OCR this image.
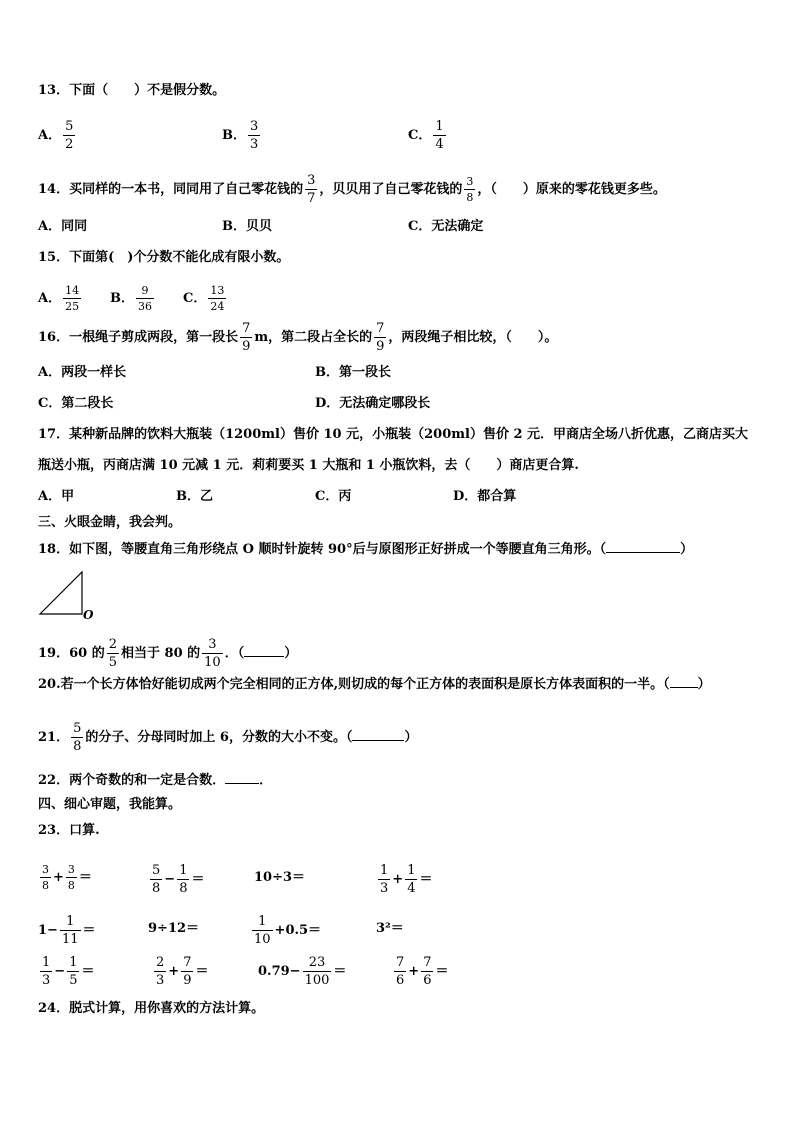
13．下面（　　）不是假分数。
A． $\frac{5}{2}$	B． $\frac{3}{3}$	C． $\frac{1}{4}$
14．买同样的一本书，同同用了自己零花钱的 $\frac{3}{7}$ ，贝贝用了自己零花钱的 $\frac{3}{8}$ ，（　　）原来的零花钱更多些。
A．同同	B．贝贝	C．无法确定
15．下面第(　)个分数不能化成有限小数。
A． $\frac{14}{25}$ B． $\frac{9}{36}$ C． $\frac{13}{24}$
16．一根绳子剪成两段，第一段长 $\frac{7}{9}$ m，第二段占全长的 $\frac{7}{9}$ ，两段绳子相比较，（　　）。
A．两段一样长	B．第一段长
C．第二段长	D．无法确定哪段长
17．某种新品牌的饮料大瓶装（1200ml）售价 10 元，小瓶装（200ml）售价 2 元．甲商店全场八折优惠，乙商店买大
瓶送小瓶，丙商店满 10 元减 1 元．莉莉要买 1 大瓶和 1 小瓶饮料，去（　　）商店更合算.
A．甲	B．乙	C．丙	D．都合算
三、火眼金睛，我会判。
18．如下图，等腰直角三角形绕点 O 顺时针旋转 90°后与原图形正好拼成一个等腰直角三角形。（	）
O
19．60 的 $\frac{2}{5}$ 相当于 80 的 $\frac{3}{10}$ ．（	）
20.若一个长方体恰好能切成两个完全相同的正方体,则切成的每个正方体的表面积是原长方体表面积的一半。（ ）
21． $\frac{5}{8}$ 的分子、分母同时加上 6，分数的大小不变。（	）
22．两个奇数的和一定是合数．	．
四、细心审题，我能算。
23．口算.
$\frac{3}{8} + \frac{3}{8}$ ＝	$\frac{5}{8} - \frac{1}{8}$ ＝	10÷3＝	$\frac{1}{3} + \frac{1}{4}$ ＝
$1- \frac{1}{11}$ ＝	9÷12＝	$\frac{1}{10} +0.5=$	3²＝
$\frac{1}{3} - \frac{1}{5}$ ＝	$\frac{2}{3} + \frac{7}{9}$ ＝	$0.79- \frac{23}{100}$ ＝	$\frac{7}{6} + \frac{7}{6}$ ＝
24．脱式计算，用你喜欢的方法计算。
